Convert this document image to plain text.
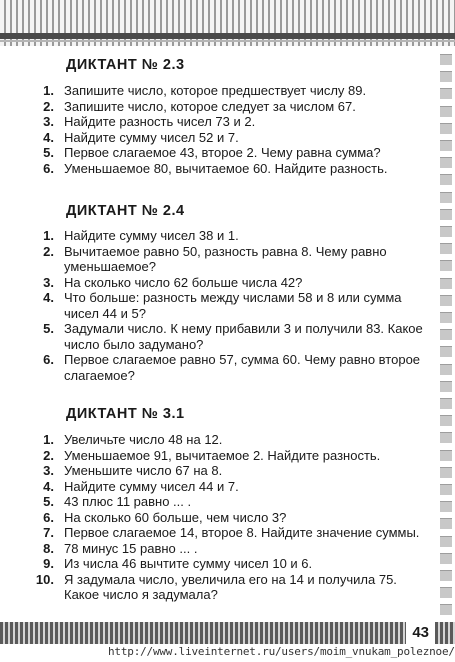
ДИКТАНТ № 2.3
1. Запишите число, которое предшествует числу 89.
2. Запишите число, которое следует за числом 67.
3. Найдите разность чисел 73 и 2.
4. Найдите сумму чисел 52 и 7.
5. Первое слагаемое 43, второе 2. Чему равна сумма?
6. Уменьшаемое 80, вычитаемое 60. Найдите разность.
ДИКТАНТ № 2.4
1. Найдите сумму чисел 38 и 1.
2. Вычитаемое равно 50, разность равна 8. Чему равно уменьшаемое?
3. На сколько число 62 больше числа 42?
4. Что больше: разность между числами 58 и 8 или сумма чисел 44 и 5?
5. Задумали число. К нему прибавили 3 и получили 83. Какое число было задумано?
6. Первое слагаемое равно 57, сумма 60. Чему равно второе слагаемое?
ДИКТАНТ № 3.1
1. Увеличьте число 48 на 12.
2. Уменьшаемое 91, вычитаемое 2. Найдите разность.
3. Уменьшите число 67 на 8.
4. Найдите сумму чисел 44 и 7.
5. 43 плюс 11 равно ... .
6. На сколько 60 больше, чем число 3?
7. Первое слагаемое 14, второе 8. Найдите значение суммы.
8. 78 минус 15 равно ... .
9. Из числа 46 вычтите сумму чисел 10 и 6.
10. Я задумала число, увеличила его на 14 и получила 75. Какое число я задумала?
43
http://www.liveinternet.ru/users/moim_vnukam_poleznoe/
